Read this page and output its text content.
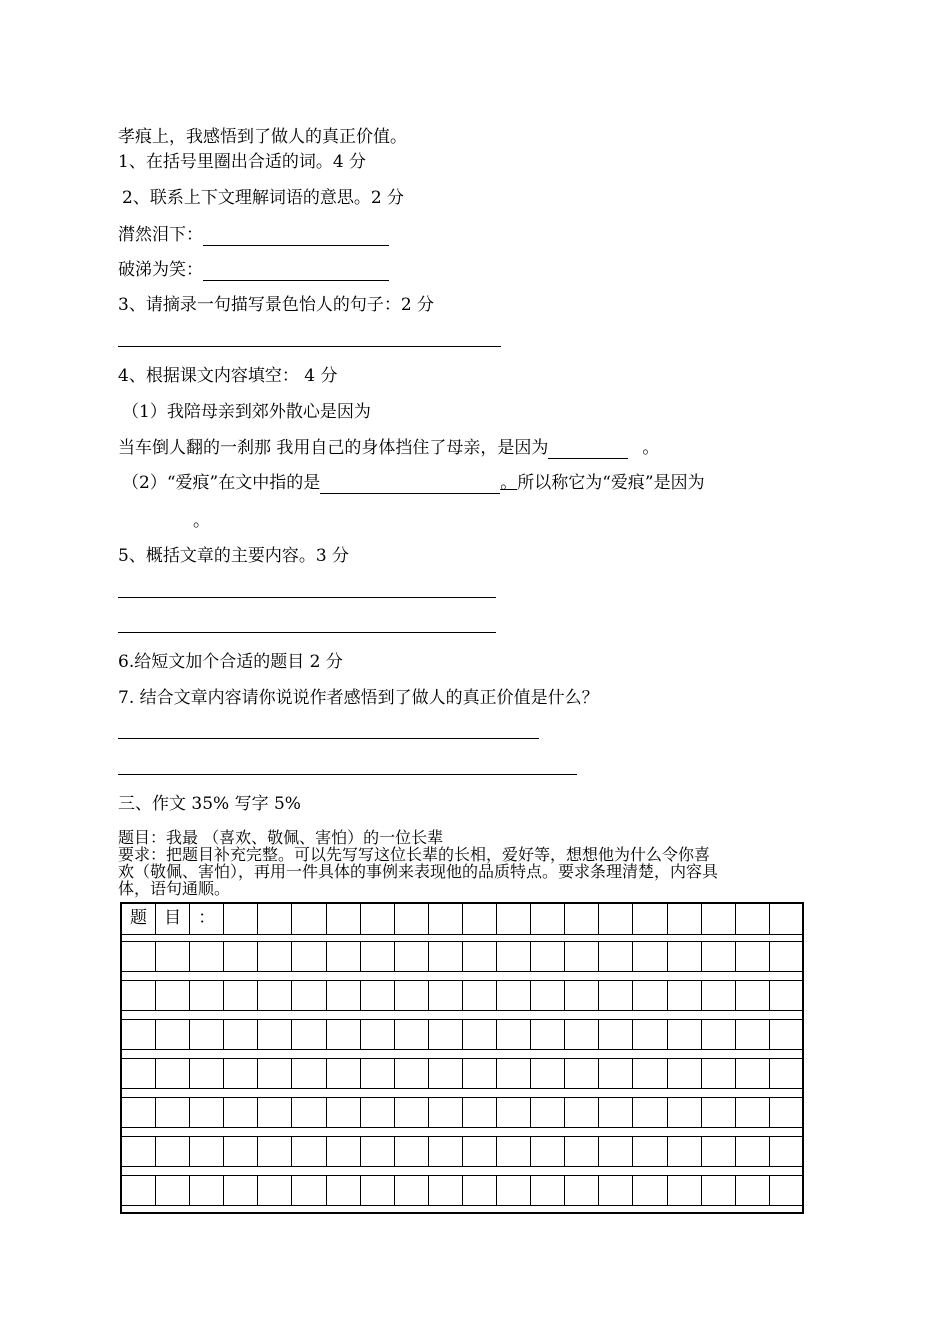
孝痕上，我感悟到了做人的真正价值。
1、在括号里圈出合适的词。4 分
2、联系上下文理解词语的意思。2 分
潸然泪下：
破涕为笑：
3、请摘录一句描写景色怡人的句子：2 分
4、根据课文内容填空： 4 分
（1）我陪母亲到郊外散心是因为
当车倒人翻的一刹那 我用自己的身体挡住了母亲，是因为	。
（2）“爱痕”在文中指的是	。所以称它为“爱痕”是因为
。
5、概括文章的主要内容。3 分
6.给短文加个合适的题目 2 分
7. 结合文章内容请你说说作者感悟到了做人的真正价值是什么？
三、作文 35% 写字 5%
题目：我最 （喜欢、敬佩、害怕）的一位长辈
要求：把题目补充完整。可以先写写这位长辈的长相，爱好等，想想他为什么令你喜
欢（敬佩、害怕），再用一件具体的事例来表现他的品质特点。要求条理清楚，内容具
体，语句通顺。
题	目	：
